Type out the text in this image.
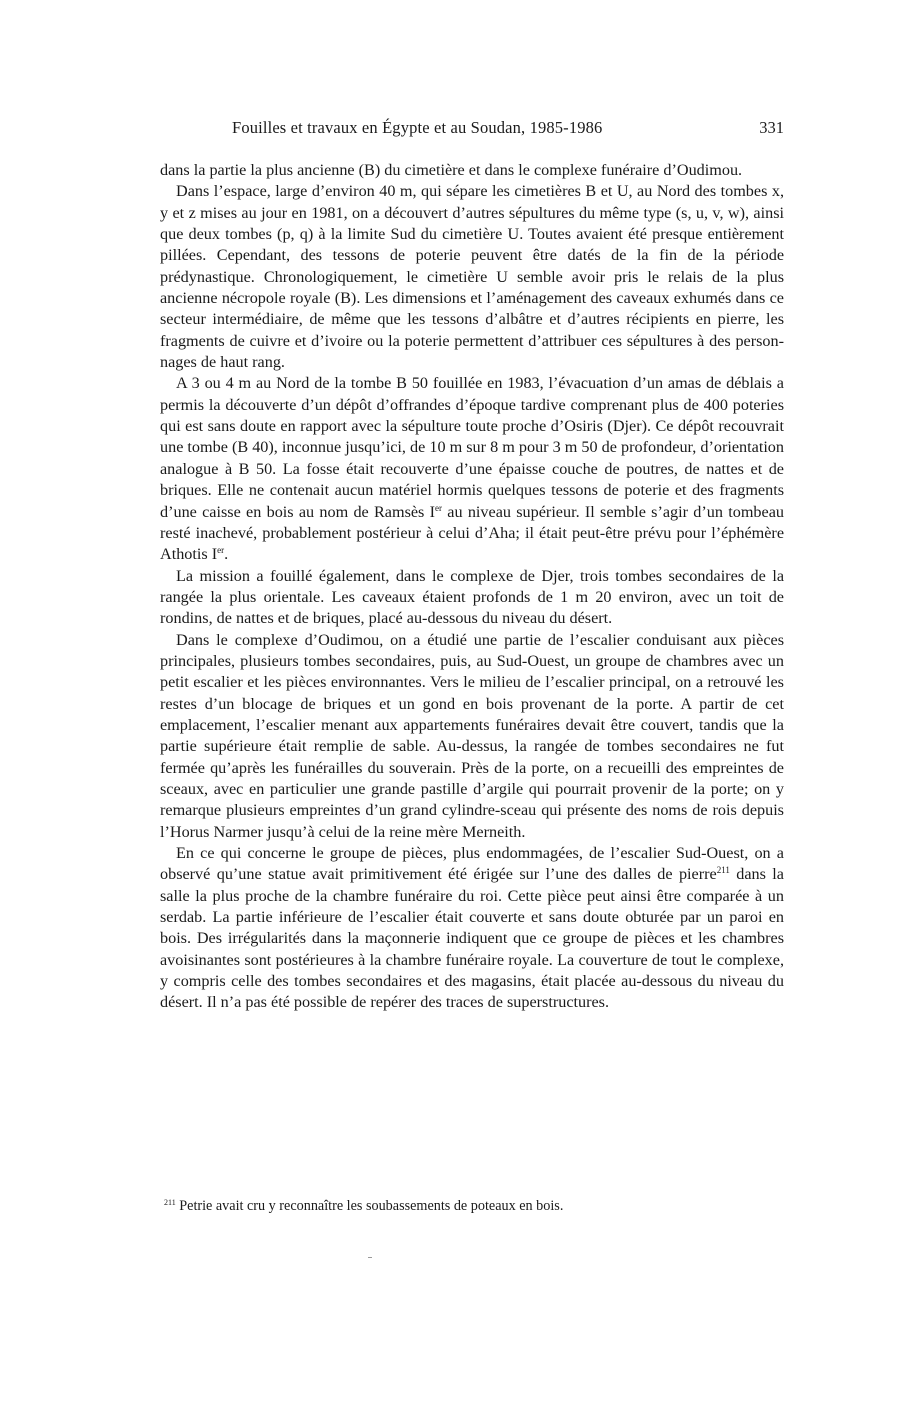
Fouilles et travaux en Égypte et au Soudan, 1985-1986	331

dans la partie la plus ancienne (B) du cimetière et dans le complexe funéraire d’Oudimou.

Dans l’espace, large d’environ 40 m, qui sépare les cimetières B et U, au Nord des tombes x, y et z mises au jour en 1981, on a découvert d’autres sépultures du même type (s, u, v, w), ainsi que deux tombes (p, q) à la limite Sud du cimetière U. Toutes avaient été presque entièrement pillées. Cependant, des tessons de poterie peuvent être datés de la fin de la période prédynastique. Chronologiquement, le cimetière U semble avoir pris le relais de la plus ancienne nécropole royale (B). Les dimensions et l’aménagement des caveaux exhumés dans ce secteur intermédiaire, de même que les tessons d’albâtre et d’autres récipients en pierre, les fragments de cuivre et d’ivoire ou la poterie permettent d’attribuer ces sépultures à des personnages de haut rang.

A 3 ou 4 m au Nord de la tombe B 50 fouillée en 1983, l’évacuation d’un amas de déblais a permis la découverte d’un dépôt d’offrandes d’époque tardive comprenant plus de 400 poteries qui est sans doute en rapport avec la sépulture toute proche d’Osiris (Djer). Ce dépôt recouvrait une tombe (B 40), inconnue jusqu’ici, de 10 m sur 8 m pour 3 m 50 de profondeur, d’orientation analogue à B 50. La fosse était recouverte d’une épaisse couche de poutres, de nattes et de briques. Elle ne contenait aucun matériel hormis quelques tessons de poterie et des fragments d’une caisse en bois au nom de Ramsès Ier au niveau supérieur. Il semble s’agir d’un tombeau resté inachevé, probablement postérieur à celui d’Aha; il était peut-être prévu pour l’éphémère Athotis Ier.

La mission a fouillé également, dans le complexe de Djer, trois tombes secondaires de la rangée la plus orientale. Les caveaux étaient profonds de 1 m 20 environ, avec un toit de rondins, de nattes et de briques, placé au-dessous du niveau du désert.

Dans le complexe d’Oudimou, on a étudié une partie de l’escalier conduisant aux pièces principales, plusieurs tombes secondaires, puis, au Sud-Ouest, un groupe de chambres avec un petit escalier et les pièces environnantes. Vers le milieu de l’escalier principal, on a retrouvé les restes d’un blocage de briques et un gond en bois provenant de la porte. A partir de cet emplacement, l’escalier menant aux appartements funéraires devait être couvert, tandis que la partie supérieure était remplie de sable. Au-dessus, la rangée de tombes secondaires ne fut fermée qu’après les funérailles du souverain. Près de la porte, on a recueilli des empreintes de sceaux, avec en particulier une grande pastille d’argile qui pourrait provenir de la porte; on y remarque plusieurs empreintes d’un grand cylindre-sceau qui présente des noms de rois depuis l’Horus Narmer jusqu’à celui de la reine mère Merneith.

En ce qui concerne le groupe de pièces, plus endommagées, de l’escalier Sud-Ouest, on a observé qu’une statue avait primitivement été érigée sur l’une des dalles de pierre$^{211}$ dans la salle la plus proche de la chambre funéraire du roi. Cette pièce peut ainsi être comparée à un serdab. La partie inférieure de l’escalier était couverte et sans doute obturée par un paroi en bois. Des irrégularités dans la maçonnerie indiquent que ce groupe de pièces et les chambres avoisinantes sont postérieures à la chambre funéraire royale. La couverture de tout le complexe, y compris celle des tombes secondaires et des magasins, était placée au-dessous du niveau du désert. Il n’a pas été possible de repérer des traces de superstructures.

$^{211}$ Petrie avait cru y reconnaître les soubassements de poteaux en bois.
